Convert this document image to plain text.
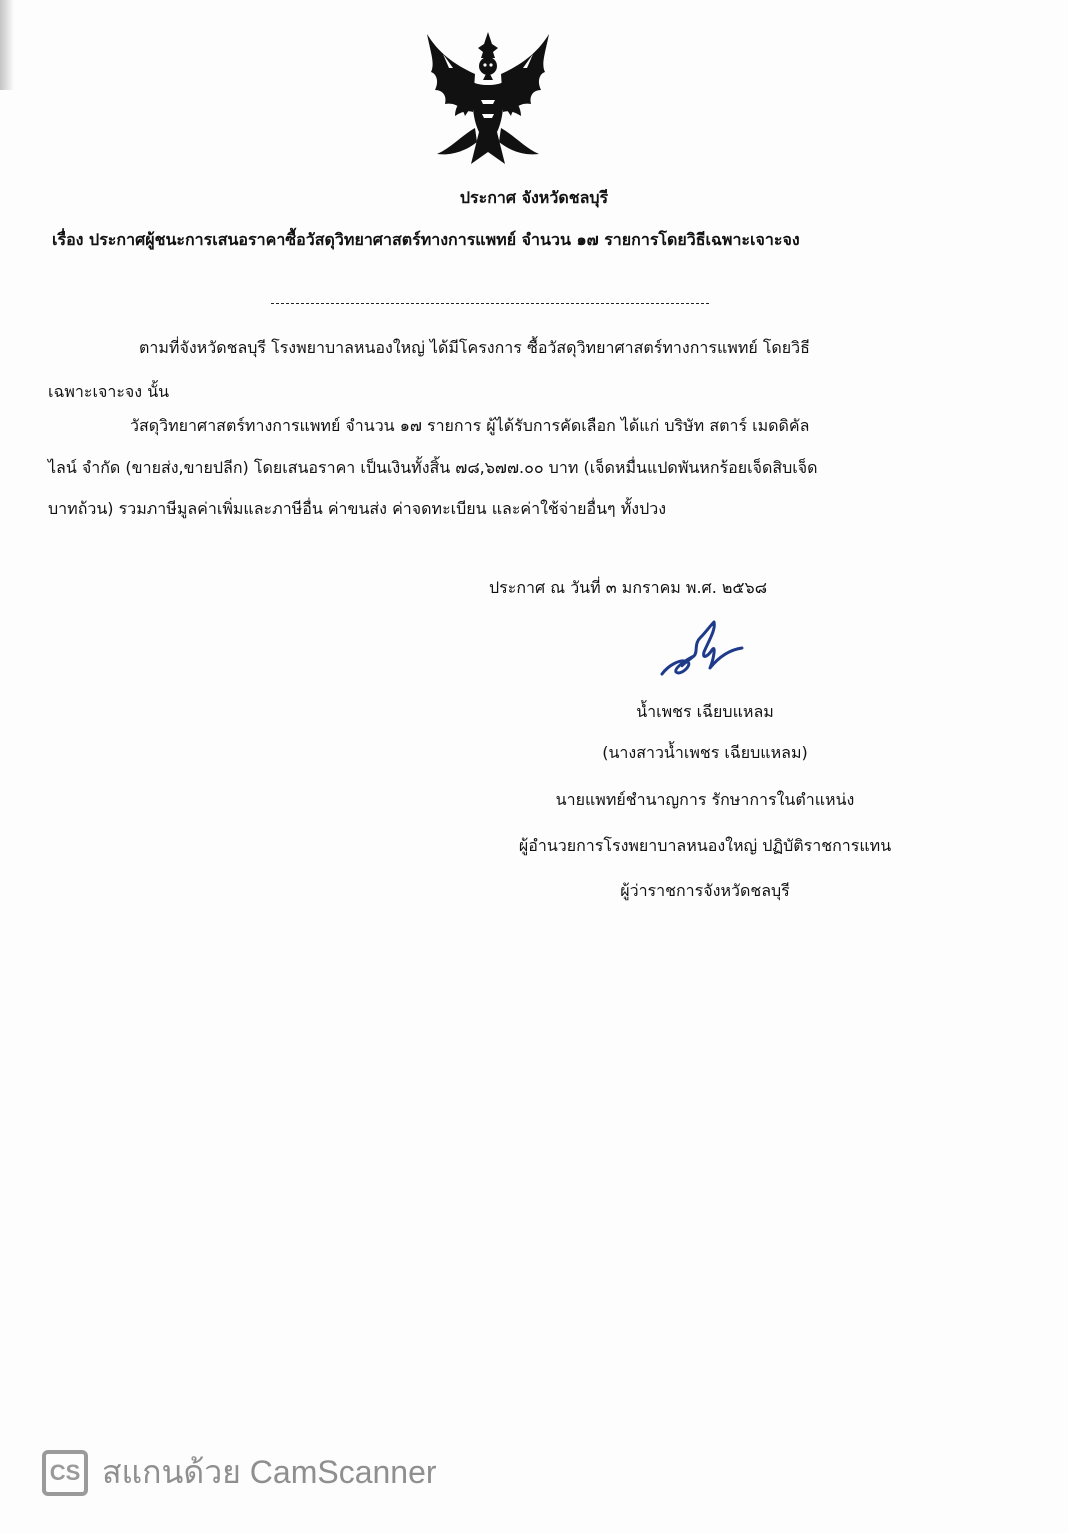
ประกาศ จังหวัดชลบุรี
เรื่อง ประกาศผู้ชนะการเสนอราคาซื้อวัสดุวิทยาศาสตร์ทางการแพทย์ จำนวน ๑๗ รายการโดยวิธีเฉพาะเจาะจง
ตามที่จังหวัดชลบุรี โรงพยาบาลหนองใหญ่ ได้มีโครงการ ซื้อวัสดุวิทยาศาสตร์ทางการแพทย์ โดยวิธี
เฉพาะเจาะจง นั้น
วัสดุวิทยาศาสตร์ทางการแพทย์ จำนวน ๑๗ รายการ ผู้ได้รับการคัดเลือก ได้แก่ บริษัท สตาร์ เมดดิคัล
ไลน์ จำกัด (ขายส่ง,ขายปลีก) โดยเสนอราคา เป็นเงินทั้งสิ้น ๗๘,๖๗๗.๐๐ บาท (เจ็ดหมื่นแปดพันหกร้อยเจ็ดสิบเจ็ด
บาทถ้วน) รวมภาษีมูลค่าเพิ่มและภาษีอื่น ค่าขนส่ง ค่าจดทะเบียน และค่าใช้จ่ายอื่นๆ ทั้งปวง
ประกาศ ณ วันที่ ๓ มกราคม พ.ศ. ๒๕๖๘
น้ำเพชร เฉียบแหลม
(นางสาวน้ำเพชร เฉียบแหลม)
นายแพทย์ชำนาญการ รักษาการในตำแหน่ง
ผู้อำนวยการโรงพยาบาลหนองใหญ่ ปฏิบัติราชการแทน
ผู้ว่าราชการจังหวัดชลบุรี
CS สแกนด้วย CamScanner
